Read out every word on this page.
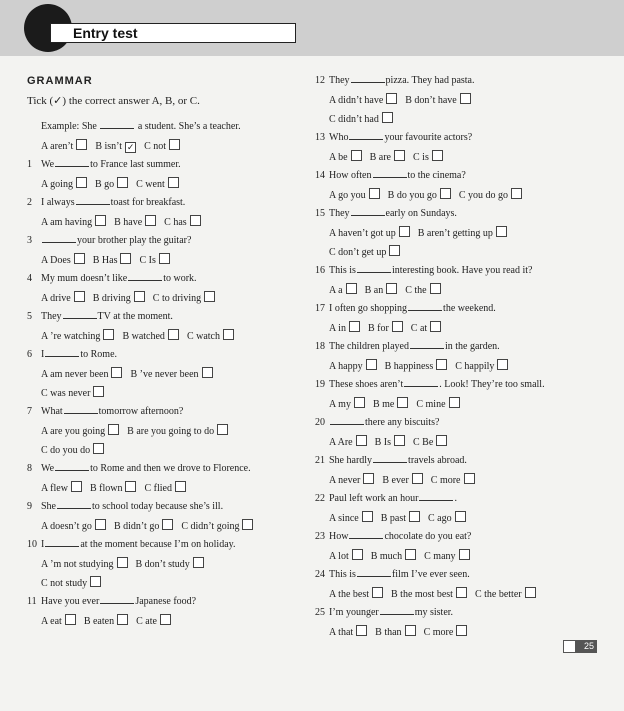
Entry test
GRAMMAR
Tick (✓) the correct answer A, B, or C.
Example: She	a student. She’s a teacher.
A aren’t B isn’t ✓ C not
1 We	to France last summer.
A going B go C went
2 I always	toast for breakfast.
A am having B have C has
3	your brother play the guitar?
A Does B Has C Is
4 My mum doesn’t like	to work.
A drive B driving C to driving
5 They	TV at the moment.
A ’re watching B watched C watch
6 I	to Rome.
A am never been B ’ve never been
C was never
7 What	tomorrow afternoon?
A are you going B are you going to do
C do you do
8 We	to Rome and then we drove to Florence.
A flew B flown C flied
9 She	to school today because she’s ill.
A doesn’t go B didn’t go C didn’t going
10 I	at the moment because I’m on holiday.
A ’m not studying B don’t study
C not study
11 Have you ever	Japanese food?
A eat B eaten C ate
12 They	pizza. They had pasta.
A didn’t have B don’t have
C didn’t had
13 Who	your favourite actors?
A be B are C is
14 How often	to the cinema?
A go you B do you go C you do go
15 They	early on Sundays.
A haven’t got up B aren’t getting up
C don’t get up
16 This is	interesting book. Have you read it?
A a B an C the
17 I often go shopping	the weekend.
A in B for C at
18 The children played	in the garden.
A happy B happiness C happily
19 These shoes aren’t	. Look! They’re too small.
A my B me C mine
20	there any biscuits?
A Are B Is C Be
21 She hardly	travels abroad.
A never B ever C more
22 Paul left work an hour	.
A since B past C ago
23 How	chocolate do you eat?
A lot B much C many
24 This is	film I’ve ever seen.
A the best B the most best C the better
25 I’m younger	my sister.
A that B than C more
25
